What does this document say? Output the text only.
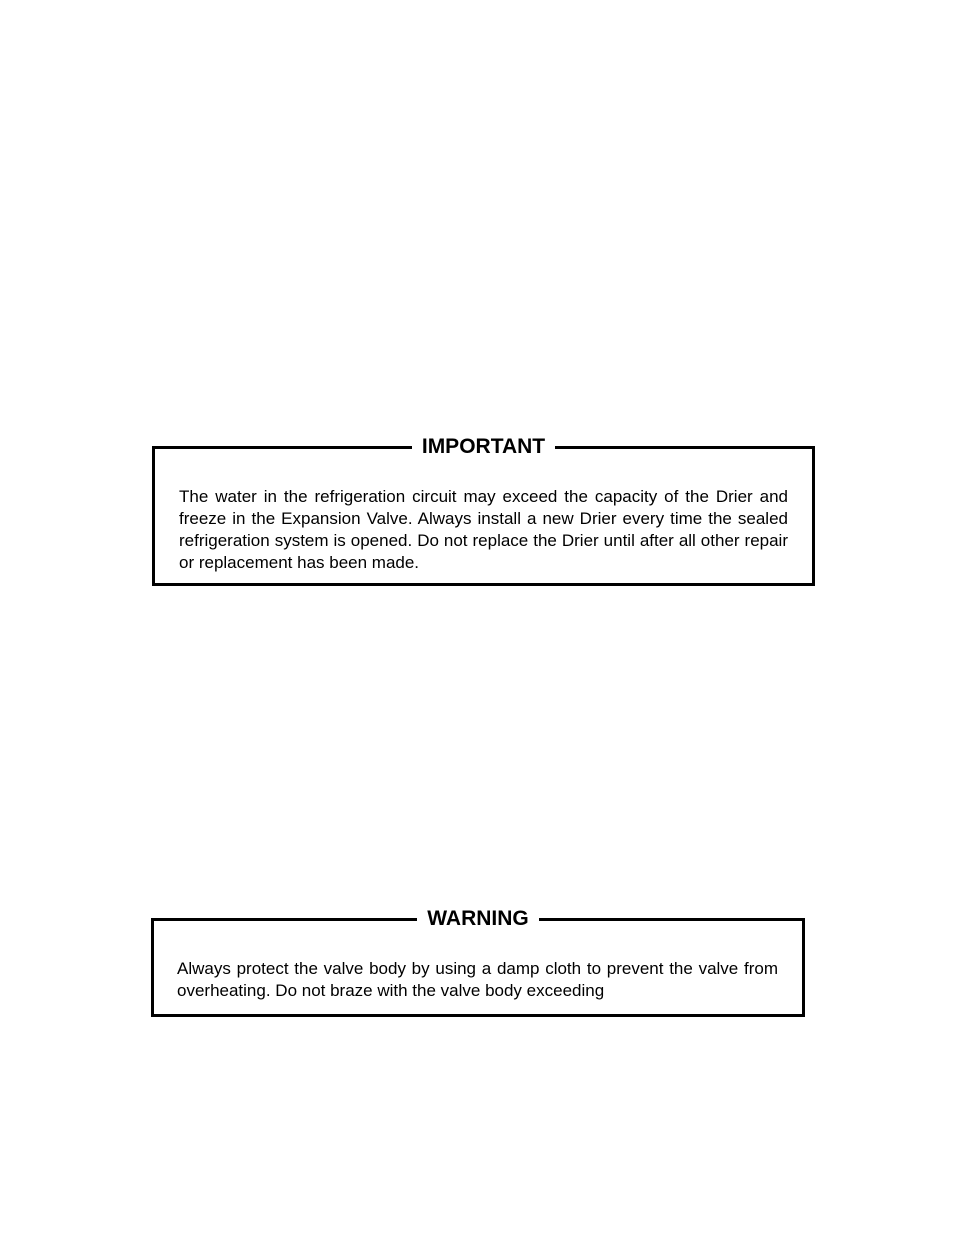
IMPORTANT
The water in the refrigeration circuit may exceed the capacity of the Drier and freeze in the Expansion Valve. Always install a new Drier every time the sealed refrigeration system is opened. Do not replace the Drier until after all other repair or replacement has been made.
WARNING
Always protect the valve body by using a damp cloth to prevent the valve from overheating. Do not braze with the valve body exceeding
